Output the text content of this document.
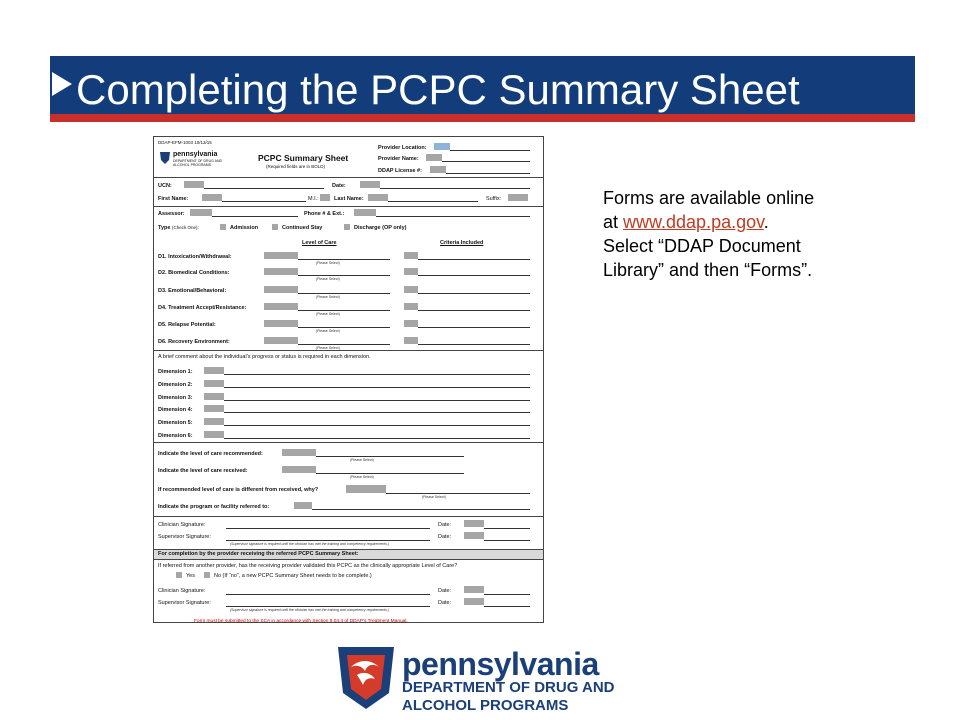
Completing the PCPC Summary Sheet
DDAP-EFM-1003 10/13/15
pennsylvania
DEPARTMENT OF DRUG AND
ALCOHOL PROGRAMS
PCPC Summary Sheet
(Required fields are in BOLD)
Provider Location:
Provider Name:
DDAP License #:
UCN:	Date:
First Name:	M.I.:	Last Name:	Suffix:
Assessor:	Phone # & Ext.:
Type (Check One):	Admission	Continued Stay	Discharge (OP only)
Level of Care	Criteria Included
D1. Intoxication/Withdrawal:
(Please Select)
D2. Biomedical Conditions:
(Please Select)
D3. Emotional/Behavioral:
(Please Select)
D4. Treatment Accept/Resistance:
(Please Select)
D5. Relapse Potential:
(Please Select)
D6. Recovery Environment:
(Please Select)
A brief comment about the individual’s progress or status is required in each dimension.
Dimension 1:
Dimension 2:
Dimension 3:
Dimension 4:
Dimension 5:
Dimension 6:
Indicate the level of care recommended:
(Please Select)
Indicate the level of care received:
(Please Select)
If recommended level of care is different from received, why?
(Please Select)
Indicate the program or facility referred to:
Clinician Signature:	Date:
Supervisor Signature:	Date:
(Supervisor signature is required until the clinician has met the training and competency requirements.)
For completion by the provider receiving the referred PCPC Summary Sheet:
If referred from another provider, has the receiving provider validated this PCPC as the clinically appropriate Level of Care?
Yes	No (If “no”, a new PCPC Summary Sheet needs to be complete.)
Clinician Signature:	Date:
Supervisor Signature:	Date:
(Supervisor signature is required until the clinician has met the training and competency requirements.)
Form must be submitted to the SCA in accordance with Section 9.04.4 of DDAP’s Treatment Manual.
Forms are available online
at www.ddap.pa.gov.
Select “DDAP Document
Library” and then “Forms”.
pennsylvania
DEPARTMENT OF DRUG AND
ALCOHOL PROGRAMS
